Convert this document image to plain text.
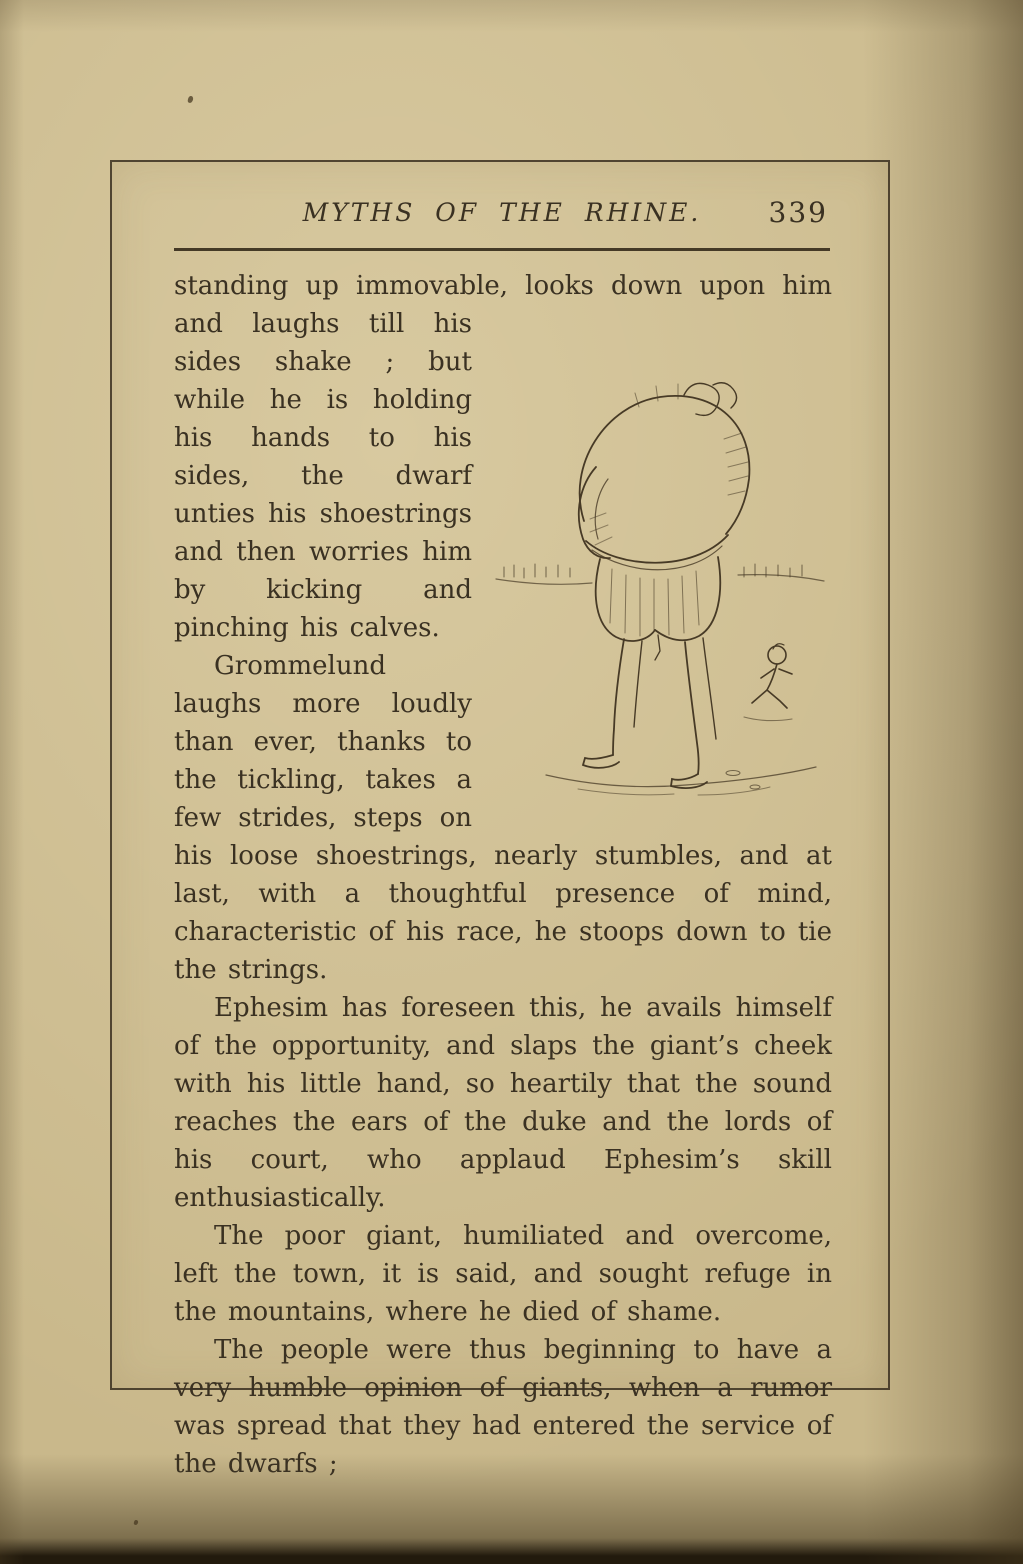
MYTHS OF THE RHINE. 339

standing up immovable, looks down upon him and
laughs till his sides shake ; but while he is holding his hands to his sides, the dwarf unties his shoestrings and then worries him by kicking and pinching his calves.

Grommelund laughs more loudly than ever, thanks to the tickling, takes a few strides, steps on his loose shoestrings, nearly stumbles, and at last, with a thoughtful presence of mind, characteristic of his race, he stoops down to tie the strings.

Ephesim has foreseen this, he avails himself of the opportunity, and slaps the giant’s cheek with his little hand, so heartily that the sound reaches the ears of the duke and the lords of his court, who applaud Ephesim’s skill enthusiastically.

The poor giant, humiliated and overcome, left the town, it is said, and sought refuge in the mountains, where he died of shame.

The people were thus beginning to have a very humble opinion of giants, when a rumor was spread that they had entered the service of the dwarfs ;
